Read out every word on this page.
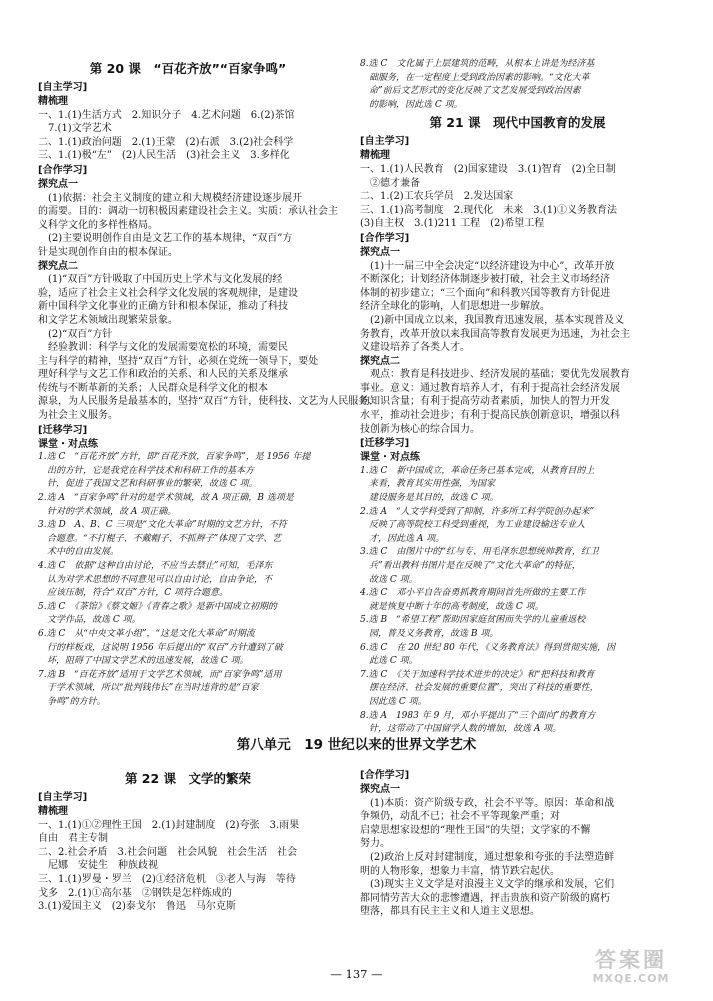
第 20 课　“百花齐放”“百家争鸣”
[自主学习]
精梳理
一、1.(1)生活方式　2.知识分子　4.艺术问题　6.(2)茶馆
　7.(1)文学艺术
二、1.(1)政治问题　2.(1)王蒙　(2)右派　3.(2)社会科学
三、1.(1)极“左”　(2)人民生活　(3)社会主义　3.多样化
[合作学习]
探究点一
　(1)依据：社会主义制度的建立和大规模经济建设逐步展开
的需要。目的：调动一切积极因素建设社会主义。实质：承认社会主
义科学文化的多样性格局。
　(2)主要说明创作自由是文艺工作的基本规律，“双百”方
针是实现创作自由的根本保证。
探究点二
　(1)“双百”方针吸取了中国历史上学术与文化发展的经
验，适应了社会主义社会科学文化发展的客观规律，是建设
新中国科学文化事业的正确方针和根本保证，推动了科技
和文学艺术领域出现繁荣景象。
　(2)“双百”方针
　经验教训：科学与文化的发展需要宽松的环境，需要民
主与科学的精神，坚持“双百”方针，必须在党统一领导下，要处
理好科学与文艺工作和政治的关系、和人民的关系及继承
传统与不断革新的关系；人民群众是科学文化的根本
源泉，为人民服务是最基本的，坚持“双百”方针，使科技、文艺为人民服务、
为社会主义服务。
[迁移学习]
课堂・对点练
1.选 C　“百花齐放”方针，即“百花齐放，百家争鸣”，是 1956 年提
　出的方针，它是我党在科学技术和科研工作的基本方
　针，促进了我国文艺和科研事业的繁荣，故选 C 项。
2.选 A　“百家争鸣”针对的是学术领域，故 A 项正确，B 选项是
　针对的学术领域，故 A 项正确。
3.选 D　A、B、C 三项是“文化大革命”时期的文艺方针，不符
　合题意。“不打棍子、不戴帽子、不抓辫子”体现了文学、艺
　术中的自由发展。
4.选 C　依据“这种自由讨论，不应当去禁止”可知，毛泽东
　认为对学术思想的不同意见可以自由讨论，自由争论，不
　应该压制，符合“双百”方针，C 项符合题意。
5.选 C　《茶馆》《蔡文姬》《青春之歌》是新中国成立初期的
　文学作品，故选 C 项。
6.选 C　从“中央文革小组”，“这是文化大革命”时期流
　行的样板戏，这说明 1956 年后提出的“双百”方针遭到了破
　坏，阻碍了中国文学艺术的迅速发展，故选 C 项。
7.选 B　“百花齐放”适用于文学艺术领域，而“百家争鸣”适用
　于学术领域，所以“批判钱伟长”在当时违背的是“百家
　争鸣”的方针。
8.选 C　文化属于上层建筑的范畴，从根本上讲是为经济基
　础服务，在一定程度上受到政治因素的影响。“文化大革
　命”前后文艺形式的变化反映了文艺发展受到政治因素
　的影响，因此选 C 项。
第 21 课　现代中国教育的发展
[自主学习]
精梳理
一、1.(1)人民教育　(2)国家建设　3.(1)智育　(2)全日制
　②德才兼备
二、1.(2)工农兵学员　2.发达国家
三、1.(1)高考制度　2.现代化　未来　3.(1)①义务教育法
(3)自主权　3.(1)211 工程　(2)希望工程
[合作学习]
探究点一
　(1)十一届三中全会决定“以经济建设为中心”，改革开放
不断深化；计划经济体制逐步被打破，社会主义市场经济
体制的初步建立；“三个面向”和科教兴国等教育方针促进
经济全球化的影响，人们思想进一步解放。
　(2)新中国成立以来，我国教育迅速发展，基本实现普及义
务教育，改革开放以来我国高等教育发展更为迅速，为社会主
义建设培养了各类人才。
探究点二
　观点：教育是科技进步、经济发展的基础；要优先发展教育
事业。意义：通过教育培养人才，有利于提高社会经济发展
的知识含量；有利于提高劳动者素质，加快人的智力开发
水平，推动社会进步；有利于提高民族创新意识，增强以科
技创新为核心的综合国力。
[迁移学习]
课堂・对点练
1.选 C　新中国成立，革命任务已基本完成，从教育目的上
　来看，教育其实用性强，为国家
　建设服务是其目的，故选 C 项。
2.选 A　“人文学科受到了抑制，许多所工科学院创办起来”
　反映了高等院校工科受到重视，为工业建设输送专业人
　才，因此选 A 项。
3.选 C　由图片中的“红与专、用毛泽东思想统帅教育，红卫
　兵”看出教科书图片是在反映了“文化大革命”的特征，
　故选 C 项。
4.选 C　邓小平自告奋勇抓教育期间首先所做的主要工作
　就是恢复中断十年的高考制度，故选 C 项。
5.选 B　“希望工程”帮助因家庭贫困而失学的儿童重返校
　园，普及义务教育，故选 B 项。
6.选 C　在 20 世纪 80 年代，《义务教育法》得到贯彻实施，因
　此选 C 项。
7.选 C　《关于加速科学技术进步的决定》和“把科技和教育
　摆在经济、社会发展的重要位置”，突出了科技的重要性，
　因此选 C 项。
8.选 A　1983 年 9 月，邓小平提出了“三个面向”的教育方
　针，这带动了中国留学人数的增加，故选 A 项。
第八单元　19 世纪以来的世界文学艺术
第 22 课　文学的繁荣
[自主学习]
精梳理
一、1.(1)①②理性王国　2.(1)封建制度　(2)夸张　3.雨果
自由　君主专制
二、2.社会矛盾　3.社会问题　社会风貌　社会生活　社会
　尼娜　安徒生　种族歧视
三、1.(1)罗曼・罗兰　(2)①经济危机　③老人与海　等待
戈多　2.(1)①高尔基　②钢铁是怎样炼成的
3.(1)爱国主义　(2)泰戈尔　鲁迅　马尔克斯
[合作学习]
探究点一
　(1)本质：资产阶级专政，社会不平等。原因：革命和战
争频仍，动乱不已；社会不平等现象严重；对
启蒙思想家设想的“理性王国”的失望；文学家的不懈
努力。
　(2)政治上反对封建制度，通过想象和夸张的手法塑造鲜
明的人物形象，想象力丰富，情节跌宕起伏。
　(3)现实主义文学是对浪漫主义文学的继承和发展，它们
都同情劳苦大众的悲惨遭遇，抨击贵族和资产阶级的腐朽
堕落，都具有民主主义和人道主义思想。
— 137 —
答案圈
MXQE.COM
